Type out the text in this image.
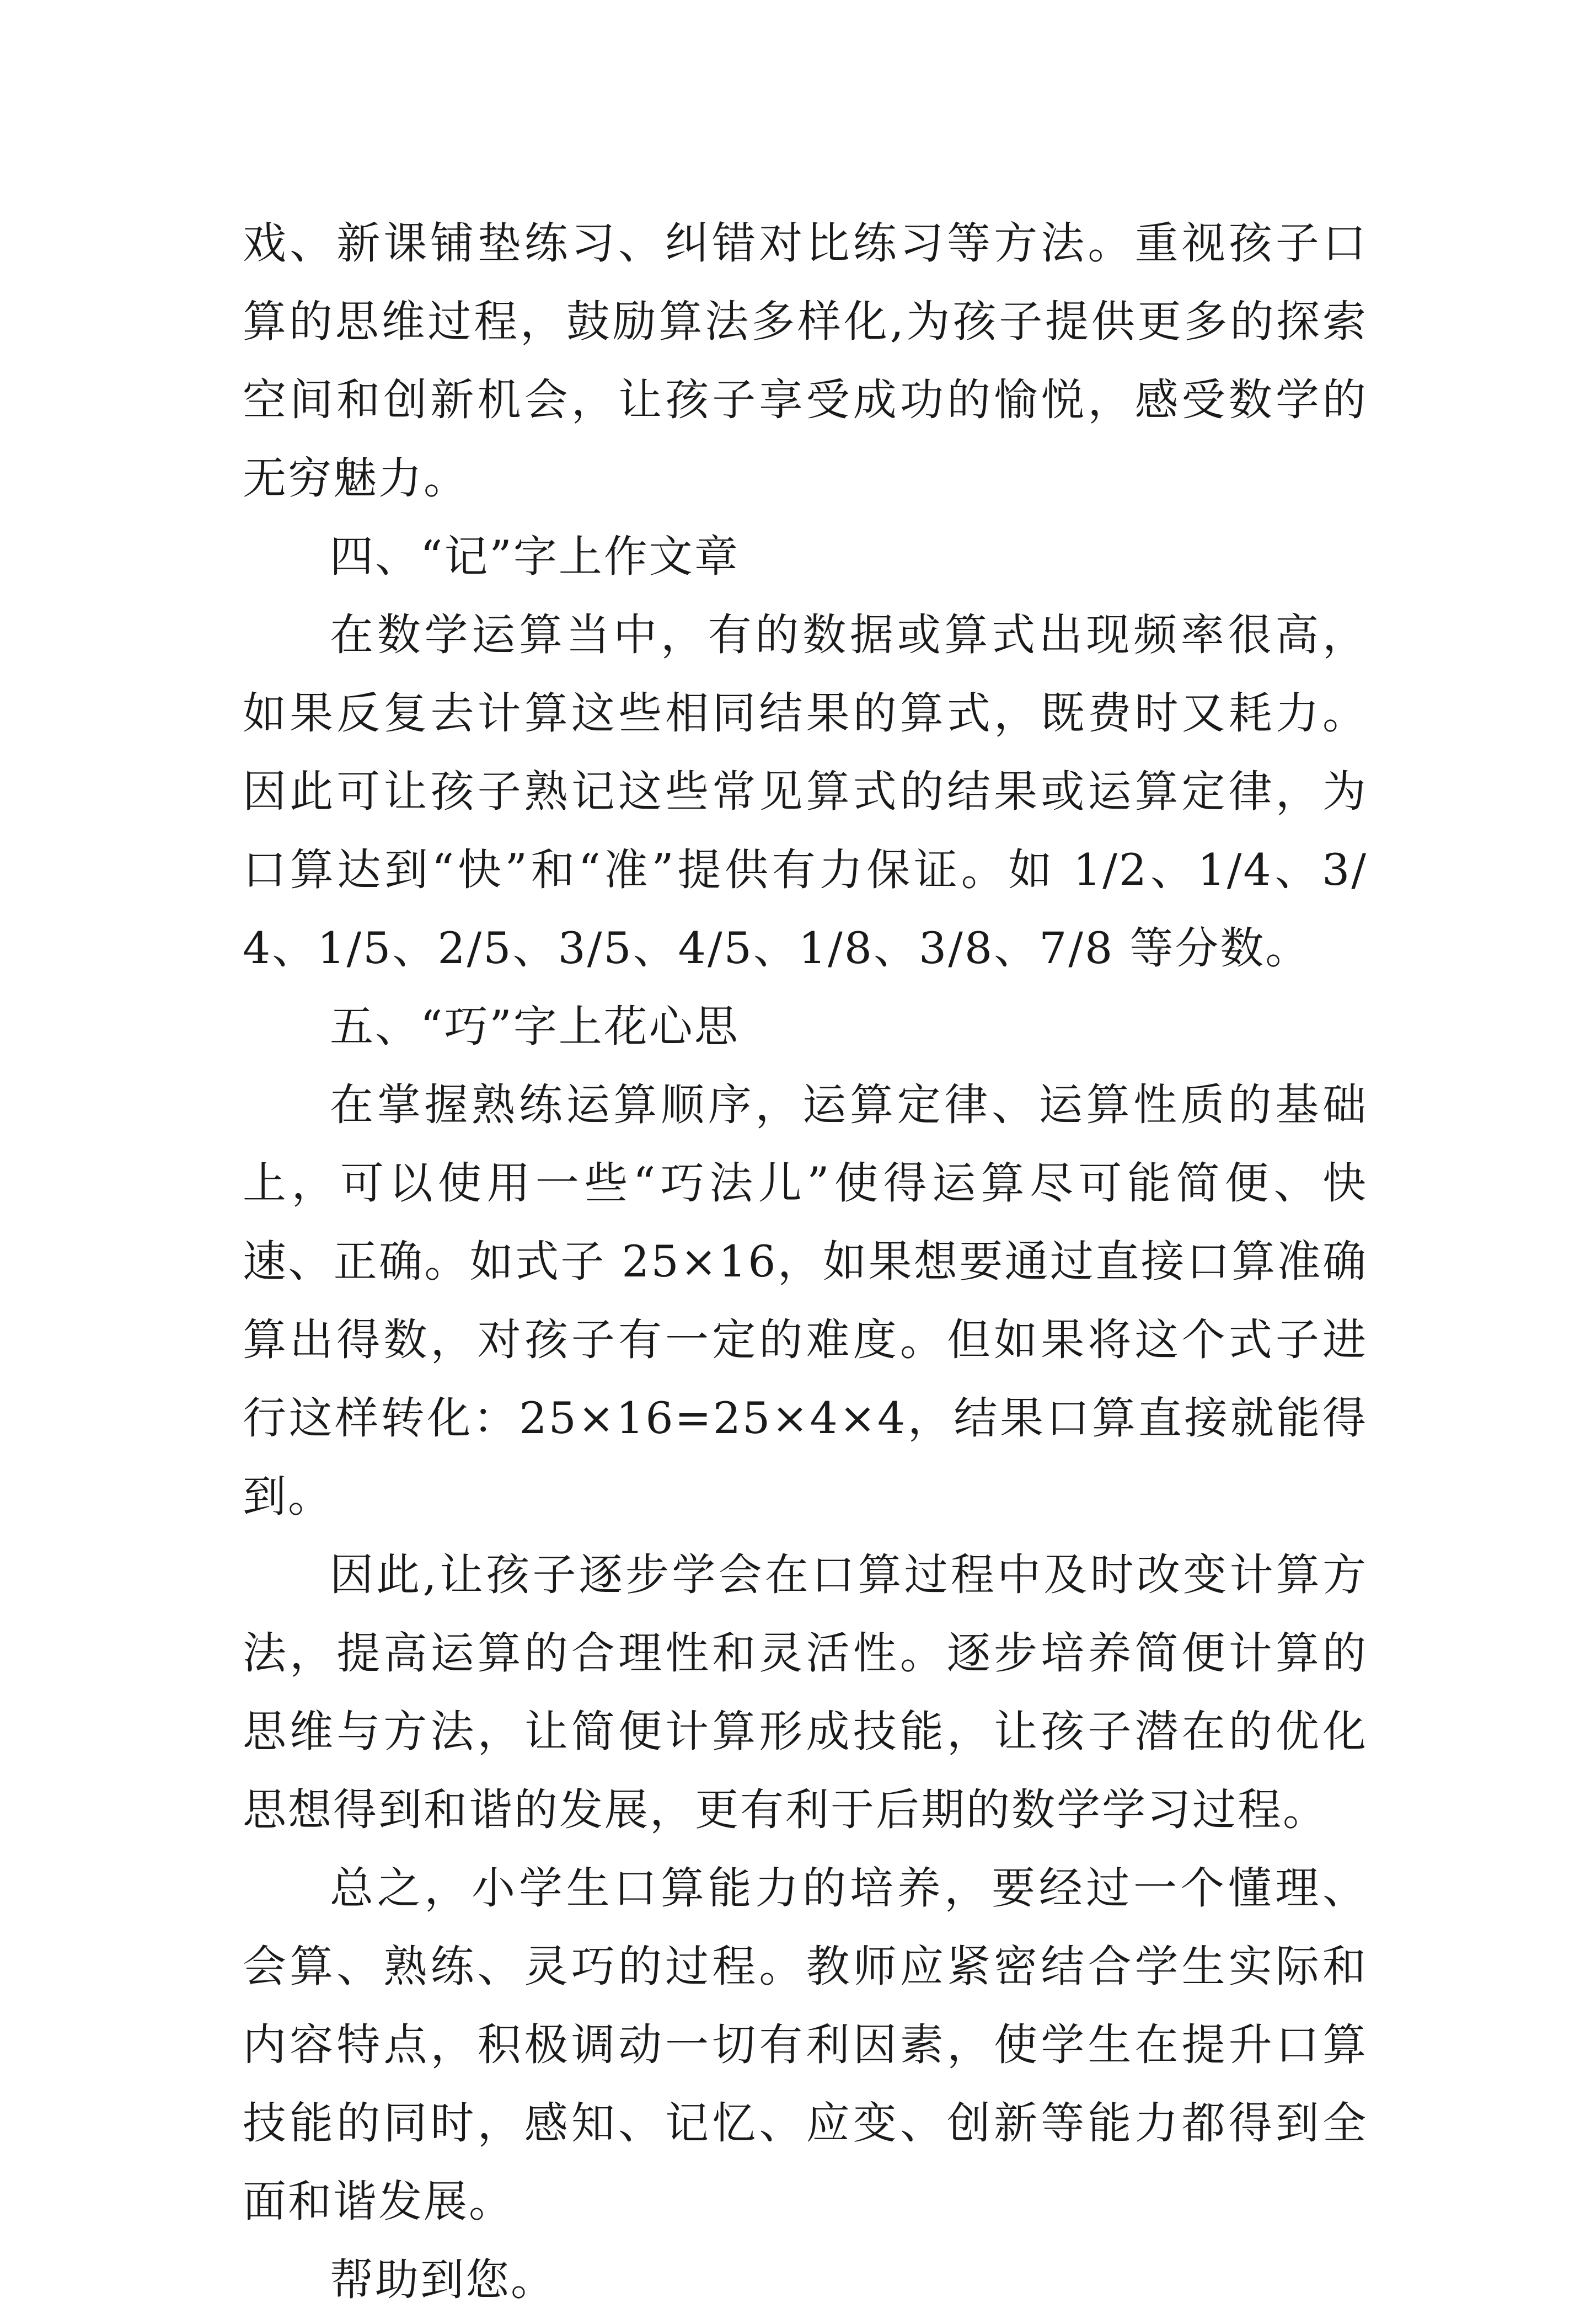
戏、新课铺垫练习、纠错对比练习等方法。重视孩子口算的思维过程，鼓励算法多样化,为孩子提供更多的探索空间和创新机会，让孩子享受成功的愉悦，感受数学的无穷魅力。

四、“记”字上作文章

在数学运算当中，有的数据或算式出现频率很高，如果反复去计算这些相同结果的算式，既费时又耗力。因此可让孩子熟记这些常见算式的结果或运算定律，为口算达到“快”和“准”提供有力保证。如 1/2、1/4、3/4、1/5、2/5、3/5、4/5、1/8、3/8、7/8 等分数。

五、“巧”字上花心思

在掌握熟练运算顺序，运算定律、运算性质的基础上，可以使用一些“巧法儿”使得运算尽可能简便、快速、正确。如式子 25×16，如果想要通过直接口算准确算出得数，对孩子有一定的难度。但如果将这个式子进行这样转化：25×16=25×4×4，结果口算直接就能得到。

因此,让孩子逐步学会在口算过程中及时改变计算方法，提高运算的合理性和灵活性。逐步培养简便计算的思维与方法，让简便计算形成技能，让孩子潜在的优化思想得到和谐的发展，更有利于后期的数学学习过程。

总之，小学生口算能力的培养，要经过一个懂理、会算、熟练、灵巧的过程。教师应紧密结合学生实际和内容特点，积极调动一切有利因素，使学生在提升口算技能的同时，感知、记忆、应变、创新等能力都得到全面和谐发展。

帮助到您。
